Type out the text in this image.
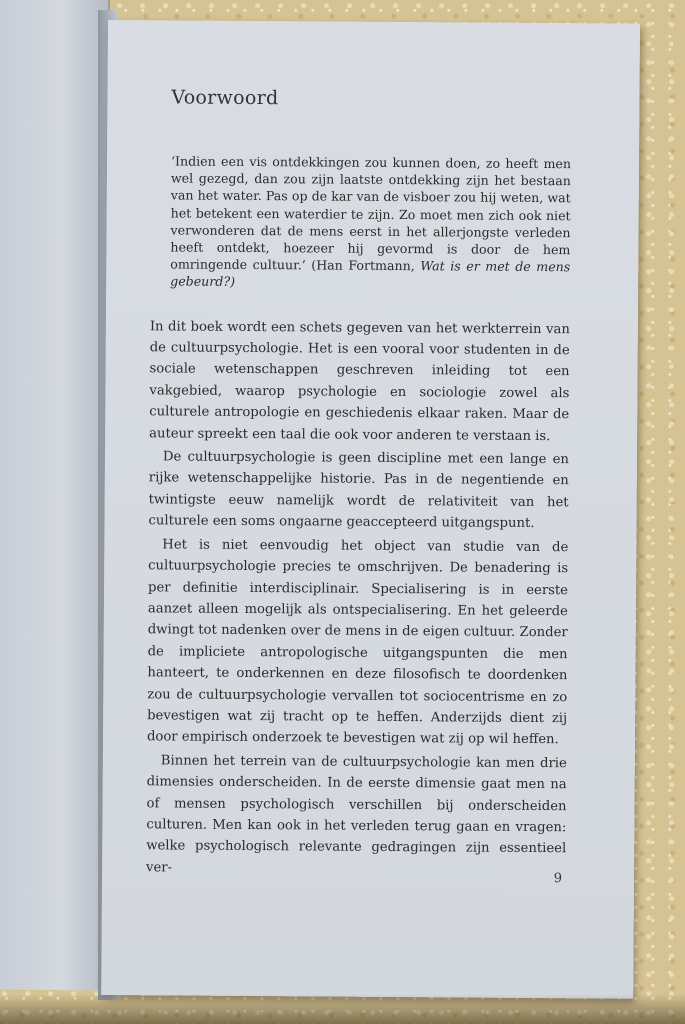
Voorwoord
‘Indien een vis ontdekkingen zou kunnen doen, zo heeft men wel gezegd, dan zou zijn laatste ontdekking zijn het bestaan van het water. Pas op de kar van de visboer zou hij weten, wat het betekent een waterdier te zijn. Zo moet men zich ook niet verwonderen dat de mens eerst in het allerjongste verleden heeft ontdekt, hoezeer hij gevormd is door de hem omringende cultuur.’ (Han Fortmann, Wat is er met de mens gebeurd?)

In dit boek wordt een schets gegeven van het werkterrein van de cultuurpsychologie. Het is een vooral voor studenten in de sociale wetenschappen geschreven inleiding tot een vakgebied, waarop psychologie en sociologie zowel als culturele antropologie en geschiedenis elkaar raken. Maar de auteur spreekt een taal die ook voor anderen te verstaan is.

De cultuurpsychologie is geen discipline met een lange en rijke wetenschappelijke historie. Pas in de negentiende en twintigste eeuw namelijk wordt de relativiteit van het culturele een soms ongaarne geaccepteerd uitgangspunt.

Het is niet eenvoudig het object van studie van de cultuurpsychologie precies te omschrijven. De benadering is per definitie interdisciplinair. Specialisering is in eerste aanzet alleen mogelijk als ontspecialisering. En het geleerde dwingt tot nadenken over de mens in de eigen cultuur. Zonder de impliciete antropologische uitgangspunten die men hanteert, te onderkennen en deze filosofisch te doordenken zou de cultuurpsychologie vervallen tot sociocentrisme en zo bevestigen wat zij tracht op te heffen. Anderzijds dient zij door empirisch onderzoek te bevestigen wat zij op wil heffen.

Binnen het terrein van de cultuurpsychologie kan men drie dimensies onderscheiden. In de eerste dimensie gaat men na of mensen psychologisch verschillen bij onderscheiden culturen. Men kan ook in het verleden terug gaan en vragen: welke psychologisch relevante gedragingen zijn essentieel ver-

9
